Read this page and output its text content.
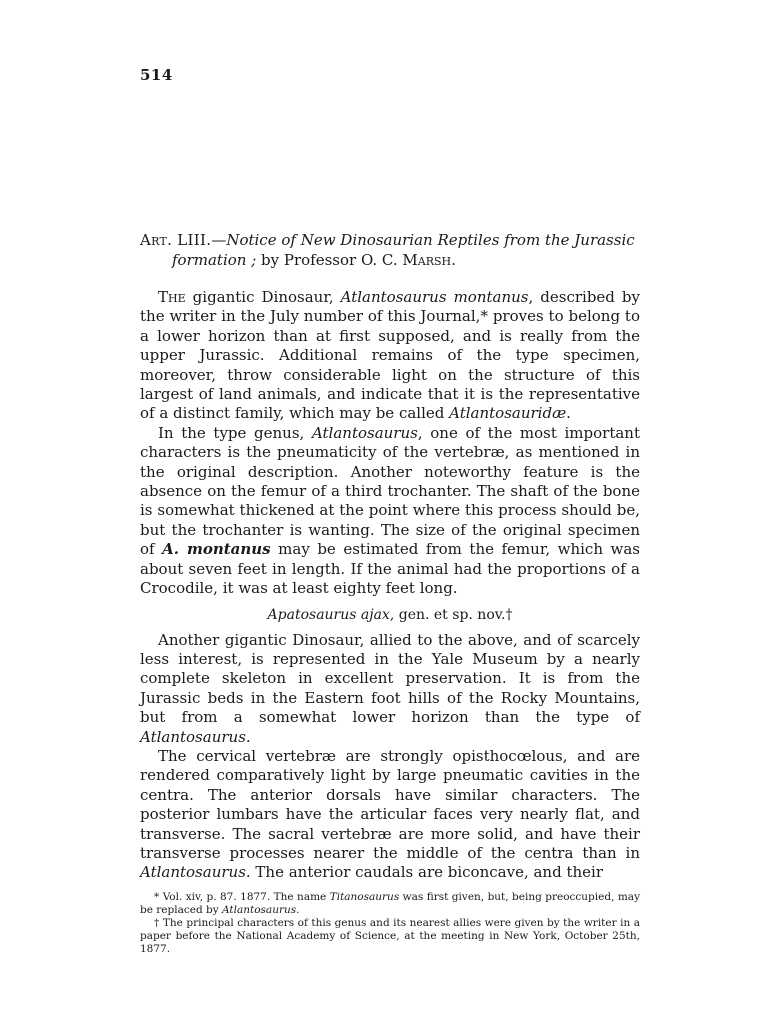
514
Art. LIII.—Notice of New Dinosaurian Reptiles from the Jurassic
formation ; by Professor O. C. Marsh.

The gigantic Dinosaur, Atlantosaurus montanus, described by the writer in the July number of this Journal,* proves to belong to a lower horizon than at first supposed, and is really from the upper Jurassic. Additional remains of the type specimen, moreover, throw considerable light on the structure of this largest of land animals, and indicate that it is the representative of a distinct family, which may be called Atlantosauridæ.

In the type genus, Atlantosaurus, one of the most important characters is the pneumaticity of the vertebræ, as mentioned in the original description. Another noteworthy feature is the absence on the femur of a third trochanter. The shaft of the bone is somewhat thickened at the point where this process should be, but the trochanter is wanting. The size of the original specimen of A. montanus may be estimated from the femur, which was about seven feet in length. If the animal had the proportions of a Crocodile, it was at least eighty feet long.

Apatosaurus ajax, gen. et sp. nov.†

Another gigantic Dinosaur, allied to the above, and of scarcely less interest, is represented in the Yale Museum by a nearly complete skeleton in excellent preservation. It is from the Jurassic beds in the Eastern foot hills of the Rocky Mountains, but from a somewhat lower horizon than the type of Atlantosaurus.

The cervical vertebræ are strongly opisthocœlous, and are rendered comparatively light by large pneumatic cavities in the centra. The anterior dorsals have similar characters. The posterior lumbars have the articular faces very nearly flat, and transverse. The sacral vertebræ are more solid, and have their transverse processes nearer the middle of the centra than in Atlantosaurus. The anterior caudals are biconcave, and their

* Vol. xiv, p. 87. 1877. The name Titanosaurus was first given, but, being preoccupied, may be replaced by Atlantosaurus.

† The principal characters of this genus and its nearest allies were given by the writer in a paper before the National Academy of Science, at the meeting in New York, October 25th, 1877.
